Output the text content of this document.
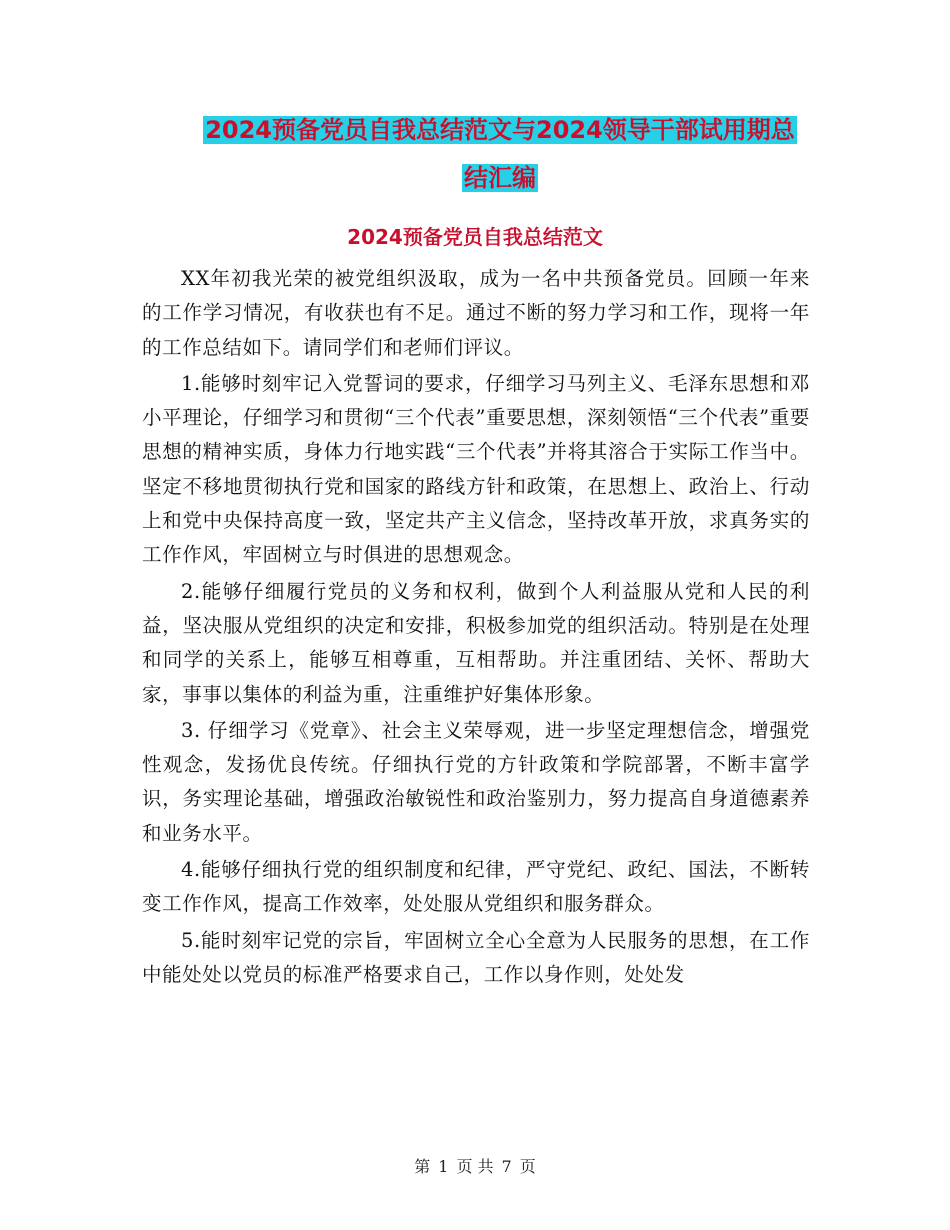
2024预备党员自我总结范文与2024领导干部试用期总
结汇编
2024预备党员自我总结范文

XX年初我光荣的被党组织汲取，成为一名中共预备党员。回顾一年来的工作学习情况，有收获也有不足。通过不断的努力学习和工作，现将一年的工作总结如下。请同学们和老师们评议。

1.能够时刻牢记入党誓词的要求，仔细学习马列主义、毛泽东思想和邓小平理论，仔细学习和贯彻“三个代表”重要思想，深刻领悟“三个代表”重要思想的精神实质，身体力行地实践“三个代表”并将其溶合于实际工作当中。坚定不移地贯彻执行党和国家的路线方针和政策，在思想上、政治上、行动上和党中央保持高度一致，坚定共产主义信念，坚持改革开放，求真务实的工作作风，牢固树立与时俱进的思想观念。

2.能够仔细履行党员的义务和权利，做到个人利益服从党和人民的利益，坚决服从党组织的决定和安排，积极参加党的组织活动。特别是在处理和同学的关系上，能够互相尊重，互相帮助。并注重团结、关怀、帮助大家，事事以集体的利益为重，注重维护好集体形象。

3. 仔细学习《党章》、社会主义荣辱观，进一步坚定理想信念，增强党性观念，发扬优良传统。仔细执行党的方针政策和学院部署，不断丰富学识，务实理论基础，增强政治敏锐性和政治鉴别力，努力提高自身道德素养和业务水平。

4.能够仔细执行党的组织制度和纪律，严守党纪、政纪、国法，不断转变工作作风，提高工作效率，处处服从党组织和服务群众。

5.能时刻牢记党的宗旨，牢固树立全心全意为人民服务的思想，在工作中能处处以党员的标准严格要求自己，工作以身作则，处处发

第 1 页 共 7 页
